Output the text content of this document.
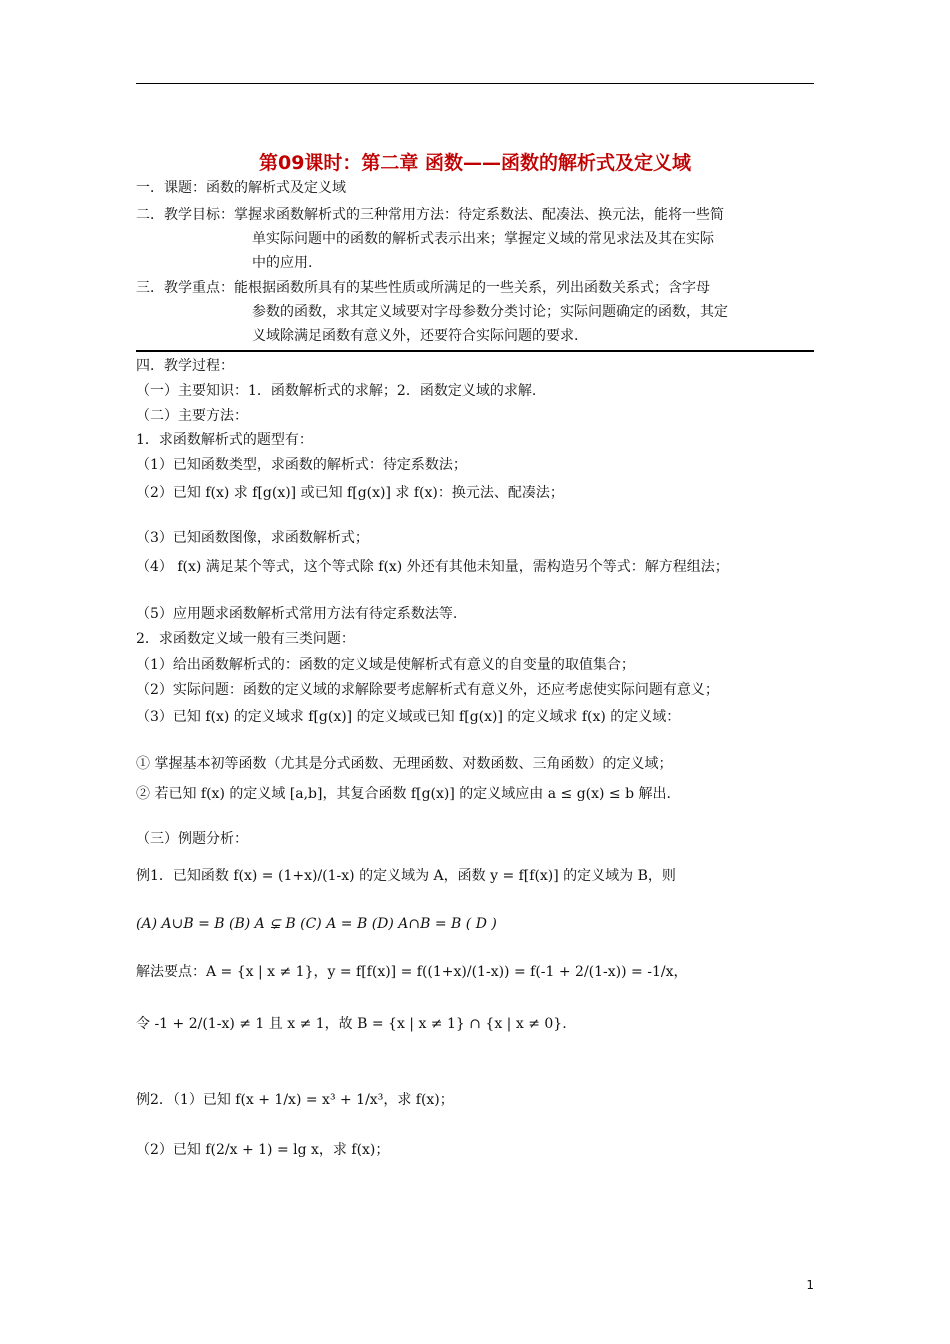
第09课时：第二章 函数——函数的解析式及定义域
一．课题：函数的解析式及定义域
二．教学目标：掌握求函数解析式的三种常用方法：待定系数法、配凑法、换元法，能将一些简
单实际问题中的函数的解析式表示出来；掌握定义域的常见求法及其在实际
中的应用.
三．教学重点：能根据函数所具有的某些性质或所满足的一些关系，列出函数关系式；含字母
参数的函数，求其定义域要对字母参数分类讨论；实际问题确定的函数，其定
义域除满足函数有意义外，还要符合实际问题的要求.
四．教学过程：
（一）主要知识：1．函数解析式的求解；2．函数定义域的求解.
（二）主要方法：
1．求函数解析式的题型有：
（1）已知函数类型，求函数的解析式：待定系数法；
（2）已知 f(x) 求 f[g(x)] 或已知 f[g(x)] 求 f(x)：换元法、配凑法；
（3）已知函数图像，求函数解析式；
（4） f(x) 满足某个等式，这个等式除 f(x) 外还有其他未知量，需构造另个等式：解方程组法；
（5）应用题求函数解析式常用方法有待定系数法等.
2．求函数定义域一般有三类问题：
（1）给出函数解析式的：函数的定义域是使解析式有意义的自变量的取值集合；
（2）实际问题：函数的定义域的求解除要考虑解析式有意义外，还应考虑使实际问题有意义；
（3）已知 f(x) 的定义域求 f[g(x)] 的定义域或已知 f[g(x)] 的定义域求 f(x) 的定义域：
① 掌握基本初等函数（尤其是分式函数、无理函数、对数函数、三角函数）的定义域；
② 若已知 f(x) 的定义域 [a,b]，其复合函数 f[g(x)] 的定义域应由 a ≤ g(x) ≤ b 解出.
（三）例题分析：
例1．已知函数 f(x) = (1+x)/(1-x) 的定义域为 A，函数 y = f[f(x)] 的定义域为 B，则
(A) A∪B = B (B) A ⊊ B (C) A = B (D) A∩B = B ( D )
解法要点：A = {x | x ≠ 1}，y = f[f(x)] = f((1+x)/(1-x)) = f(-1 + 2/(1-x)) = -1/x，
令 -1 + 2/(1-x) ≠ 1 且 x ≠ 1，故 B = {x | x ≠ 1} ∩ {x | x ≠ 0}.
例2．（1）已知 f(x + 1/x) = x³ + 1/x³，求 f(x)；
（2）已知 f(2/x + 1) = lg x，求 f(x)；
1
